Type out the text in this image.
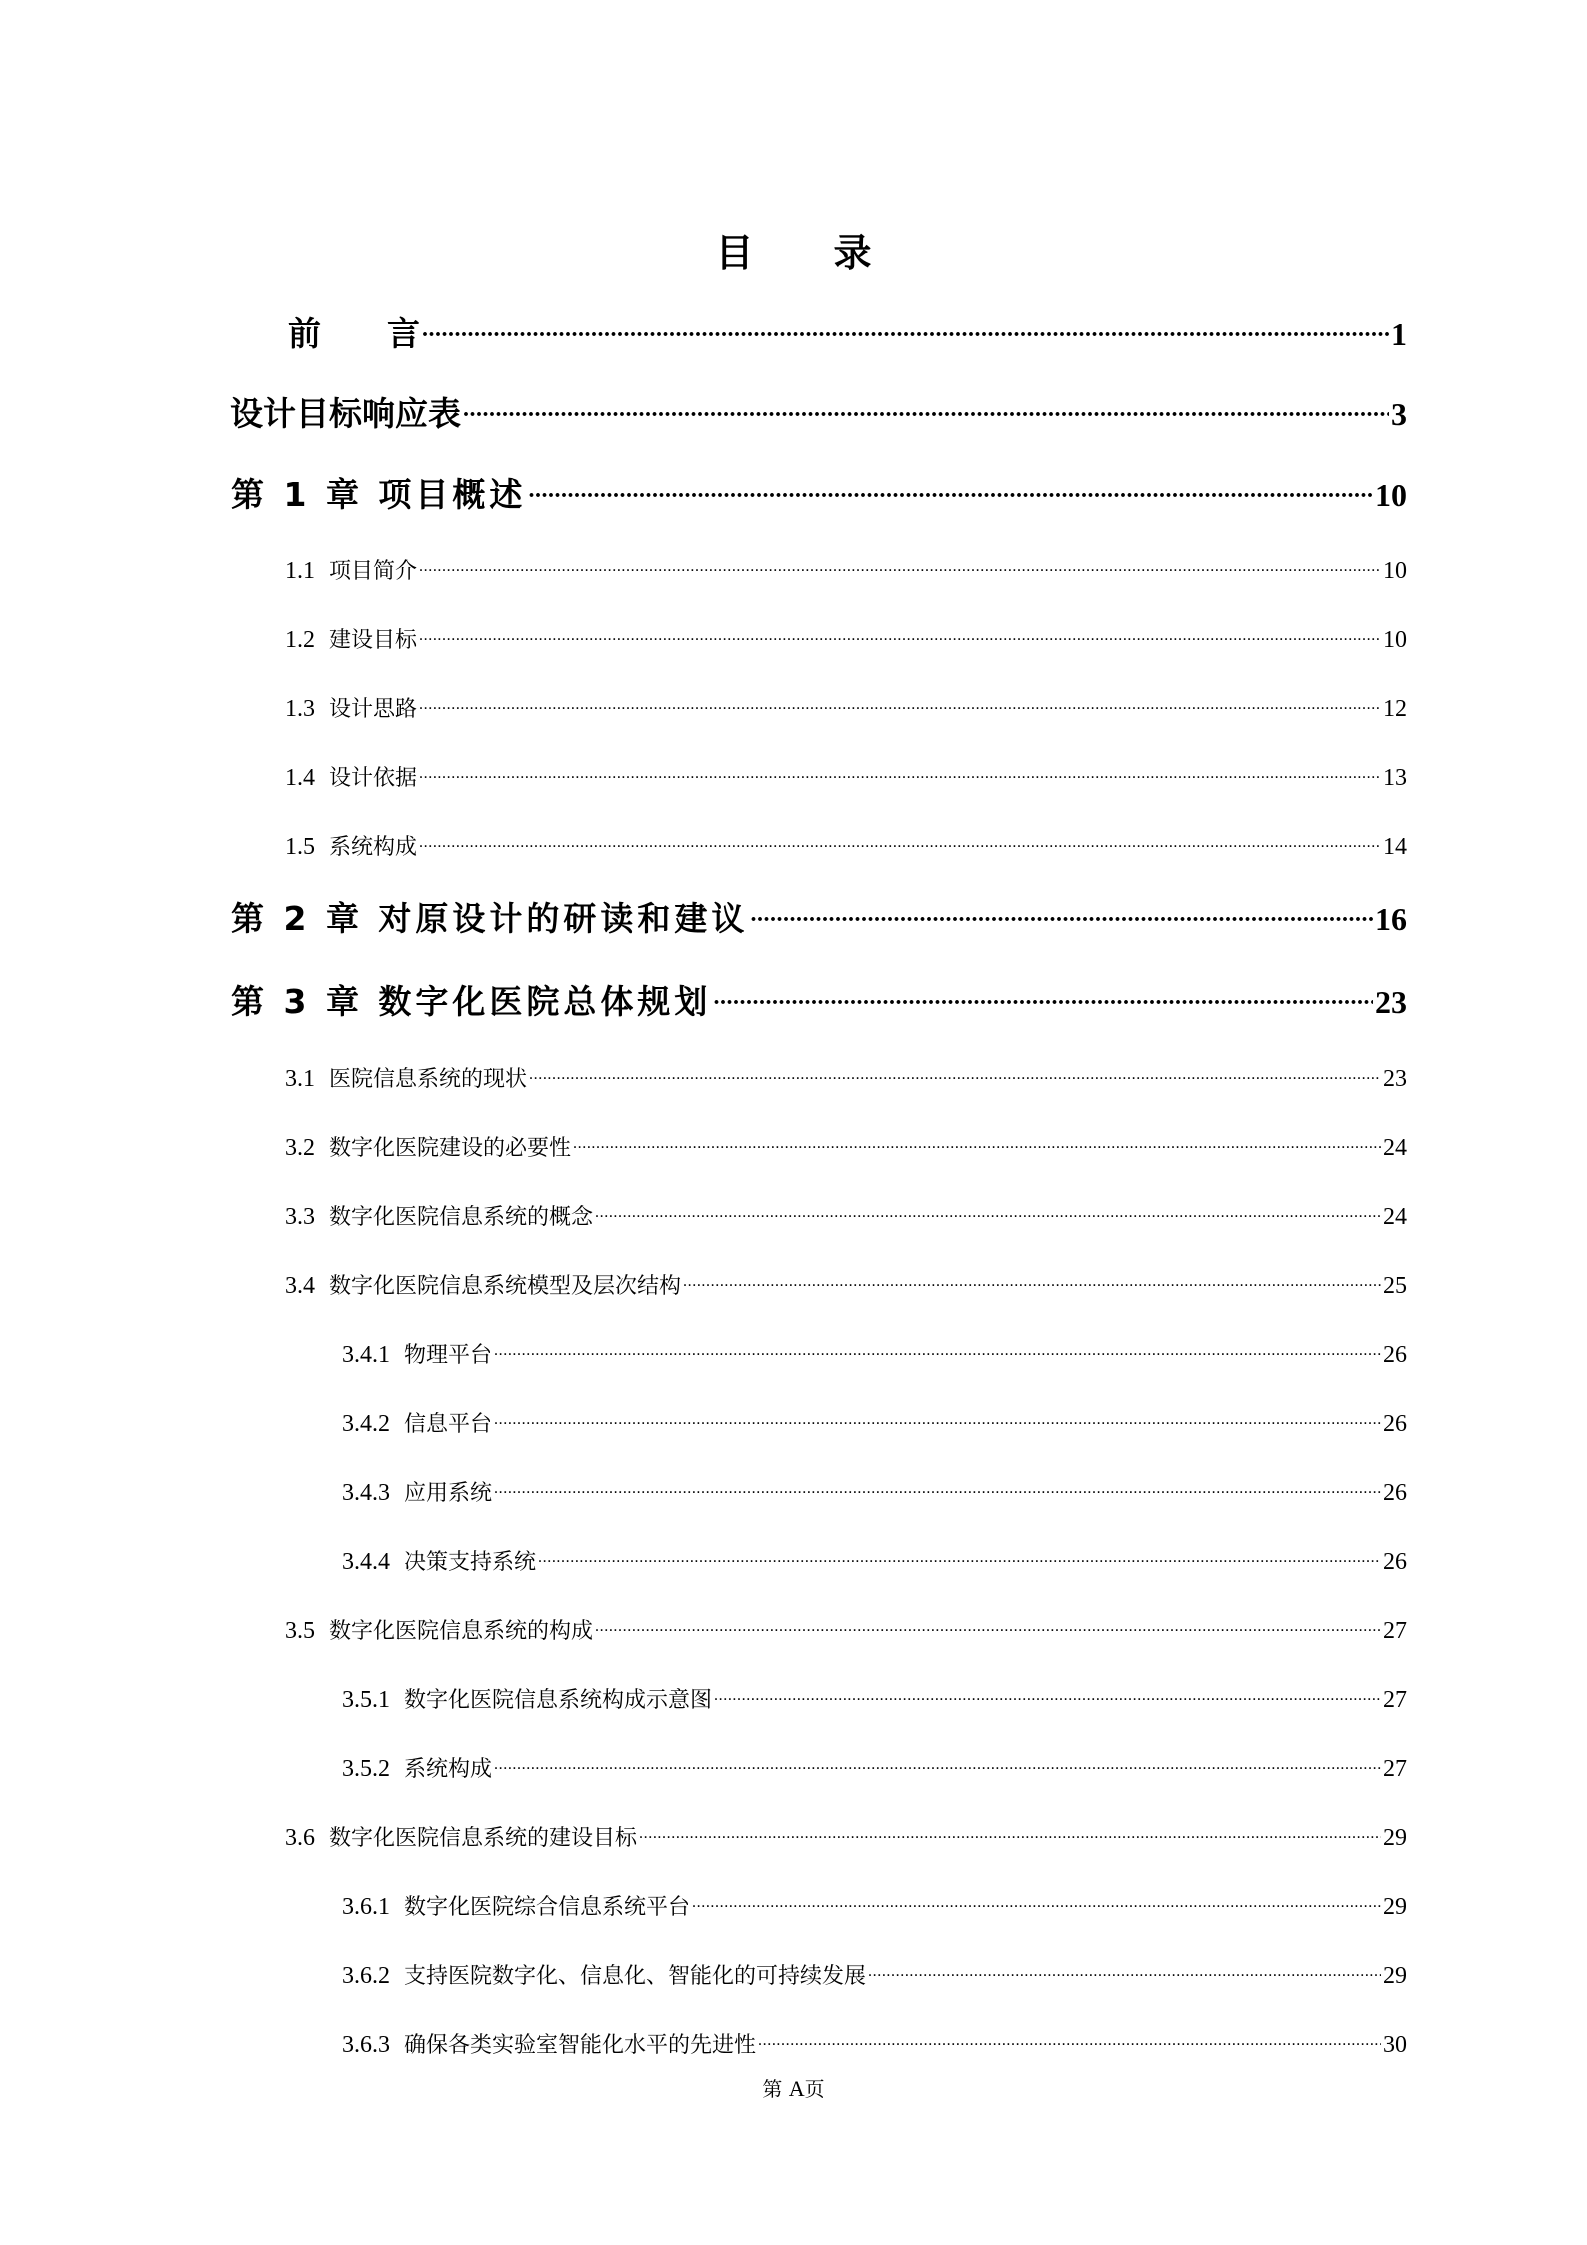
目 录
前　　言 .....	1
设计目标响应表 .....	3
第 1 章 项目概述 .....	10
1.1 项目简介 .....	10
1.2 建设目标 .....	10
1.3 设计思路 .....	12
1.4 设计依据 .....	13
1.5 系统构成 .....	14
第 2 章 对原设计的研读和建议 .....	16
第 3 章 数字化医院总体规划 .....	23
3.1 医院信息系统的现状 .....	23
3.2 数字化医院建设的必要性 .....	24
3.3 数字化医院信息系统的概念 .....	24
3.4 数字化医院信息系统模型及层次结构 .....	25
3.4.1 物理平台 .....	26
3.4.2 信息平台 .....	26
3.4.3 应用系统 .....	26
3.4.4 决策支持系统 .....	26
3.5 数字化医院信息系统的构成 .....	27
3.5.1 数字化医院信息系统构成示意图 .....	27
3.5.2 系统构成 .....	27
3.6 数字化医院信息系统的建设目标 .....	29
3.6.1 数字化医院综合信息系统平台 .....	29
3.6.2 支持医院数字化、信息化、智能化的可持续发展 .....	29
3.6.3 确保各类实验室智能化水平的先进性 .....	30
第 A页
